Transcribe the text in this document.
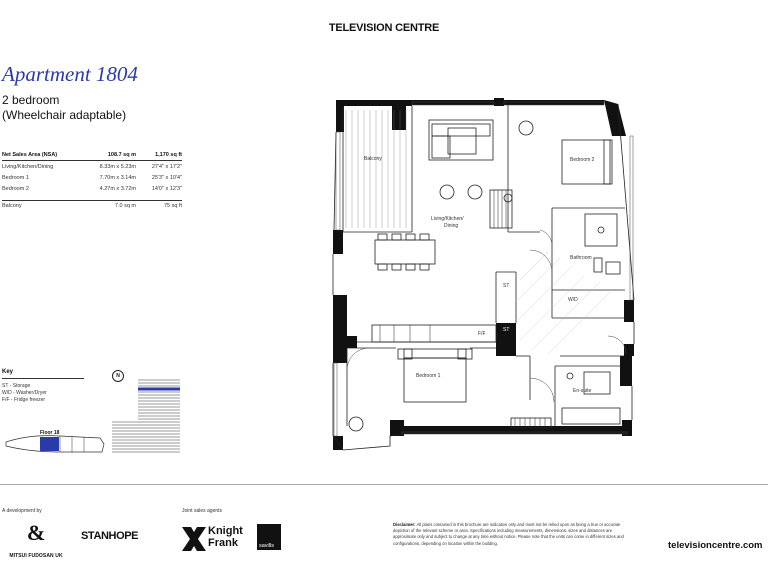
TELEVISION CENTRE
Apartment 1804
2 bedroom
(Wheelchair adaptable)
Net Sales Area (NSA)	108.7 sq m	1,170 sq ft
Living/Kitchen/Dining	8.33m x 5.23m	27'4" x 17'2"
Bedroom 1	7.70m x 3.14m	25'3" x 10'4"
Bedroom 2	4.27m x 3.72m	14'0" x 12'3"
Balcony	7.0 sq m	75 sq ft
Key
ST - Storage
W/D - Washer/Dryer
F/F - Fridge freezer
N
Balcony
Living/Kitchen/
Dining
Bedroom 2
Bathroom
W/D
ST
ST
F/F
Bedroom 1
En-suite
Floor 18
A development by
&
MITSUI FUDOSAN UK
STANHOPE
Joint sales agents
Knight
Frank	savills
Disclaimer: All plans contained in this brochure are indicative only and must not be relied upon as being a true or accurate depiction of the relevant scheme or area. Specifications including measurements, dimensions, sizes and distances are approximate only and subject to change at any time without notice. Please note that the units can come in different sizes and configurations, depending on location within the building.	televisioncentre.com
